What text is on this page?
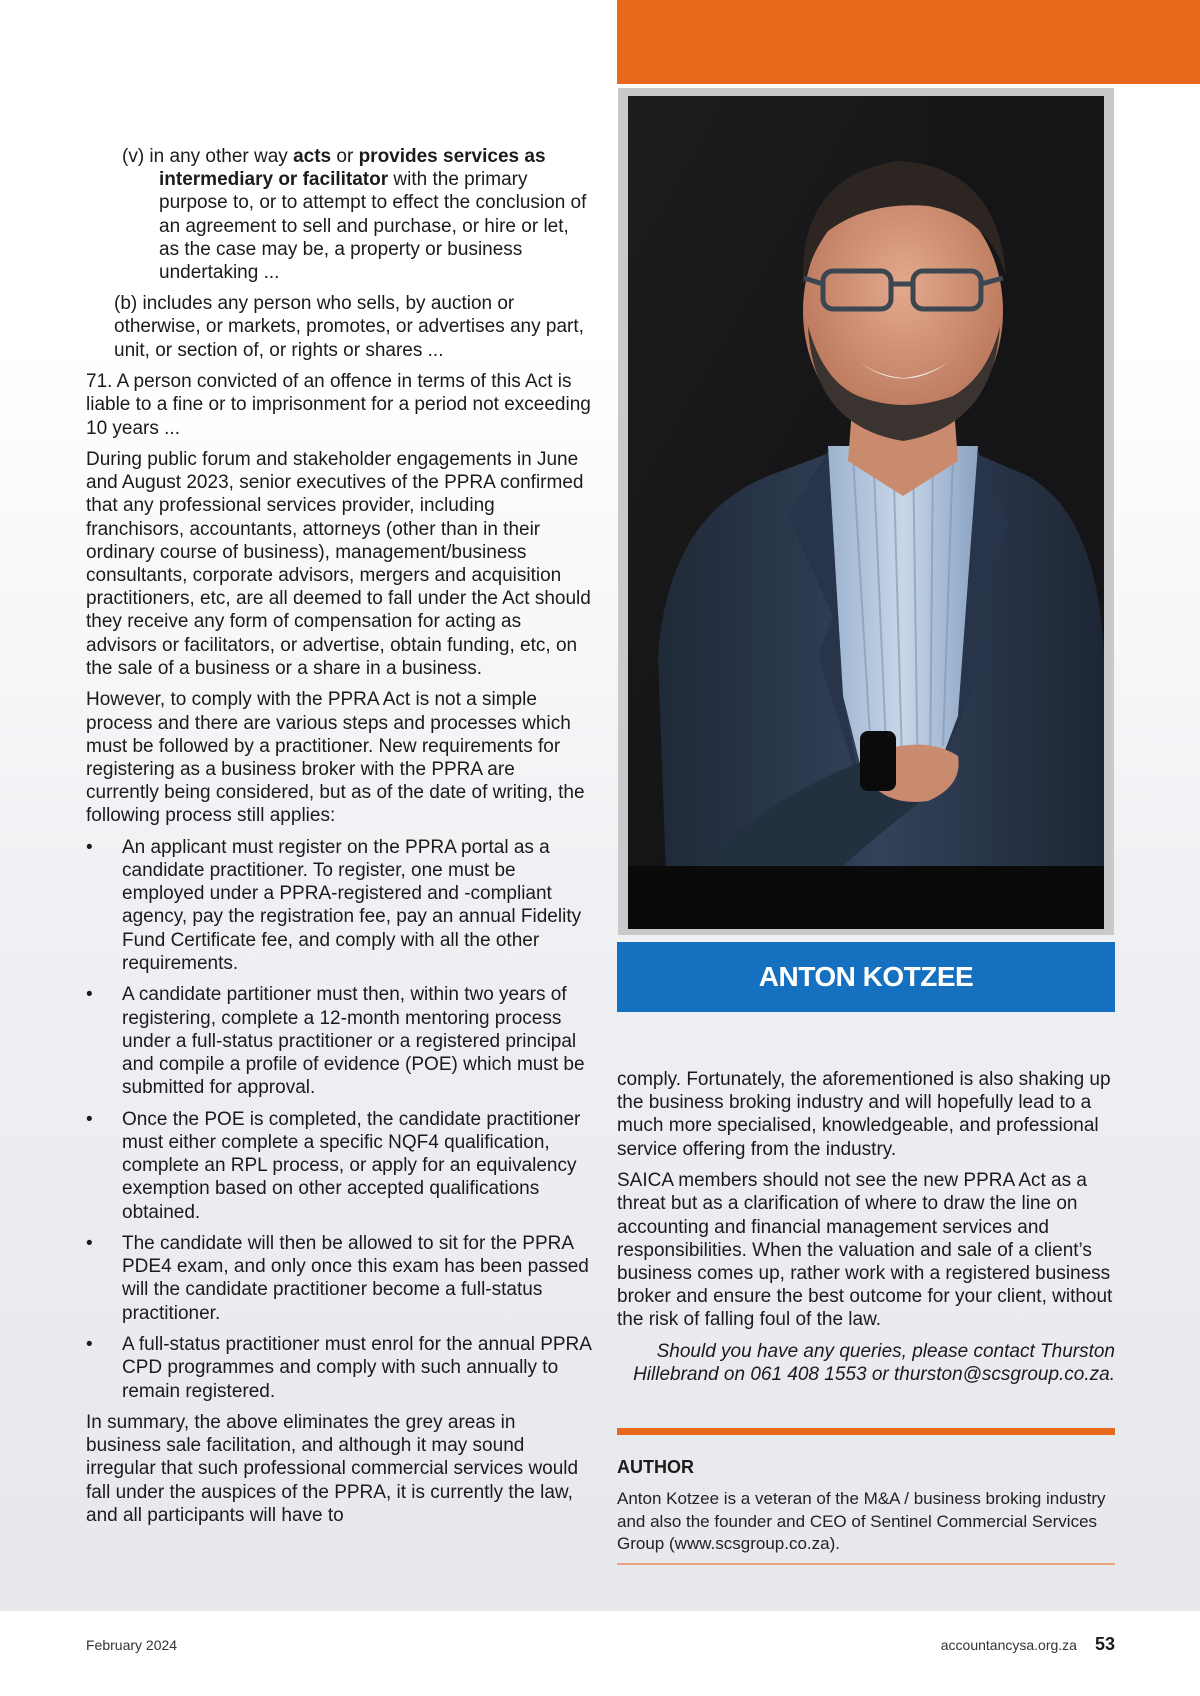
ANTON KOTZEE

(v) in any other way acts or provides services as intermediary or facilitator with the primary purpose to, or to attempt to effect the conclusion of an agreement to sell and purchase, or hire or let, as the case may be, a property or business undertaking ...

(b) includes any person who sells, by auction or otherwise, or markets, promotes, or advertises any part, unit, or section of, or rights or shares ...

71. A person convicted of an offence in terms of this Act is liable to a fine or to imprisonment for a period not exceeding 10 years ...

During public forum and stakeholder engagements in June and August 2023, senior executives of the PPRA confirmed that any professional services provider, including franchisors, accountants, attorneys (other than in their ordinary course of business), management/business consultants, corporate advisors, mergers and acquisition practitioners, etc, are all deemed to fall under the Act should they receive any form of compensation for acting as advisors or facilitators, or advertise, obtain funding, etc, on the sale of a business or a share in a business.

However, to comply with the PPRA Act is not a simple process and there are various steps and processes which must be followed by a practitioner. New requirements for registering as a business broker with the PPRA are currently being considered, but as of the date of writing, the following process still applies:

• An applicant must register on the PPRA portal as a candidate practitioner. To register, one must be employed under a PPRA-registered and -compliant agency, pay the registration fee, pay an annual Fidelity Fund Certificate fee, and comply with all the other requirements.
• A candidate partitioner must then, within two years of registering, complete a 12-month mentoring process under a full-status practitioner or a registered principal and compile a profile of evidence (POE) which must be submitted for approval.
• Once the POE is completed, the candidate practitioner must either complete a specific NQF4 qualification, complete an RPL process, or apply for an equivalency exemption based on other accepted qualifications obtained.
• The candidate will then be allowed to sit for the PPRA PDE4 exam, and only once this exam has been passed will the candidate practitioner become a full-status practitioner.
• A full-status practitioner must enrol for the annual PPRA CPD programmes and comply with such annually to remain registered.

In summary, the above eliminates the grey areas in business sale facilitation, and although it may sound irregular that such professional commercial services would fall under the auspices of the PPRA, it is currently the law, and all participants will have to

comply. Fortunately, the aforementioned is also shaking up the business broking industry and will hopefully lead to a much more specialised, knowledgeable, and professional service offering from the industry.

SAICA members should not see the new PPRA Act as a threat but as a clarification of where to draw the line on accounting and financial management services and responsibilities. When the valuation and sale of a client’s business comes up, rather work with a registered business broker and ensure the best outcome for your client, without the risk of falling foul of the law.

Should you have any queries, please contact Thurston Hillebrand on 061 408 1553 or thurston@scsgroup.co.za.

AUTHOR
Anton Kotzee is a veteran of the M&A / business broking industry and also the founder and CEO of Sentinel Commercial Services Group (www.scsgroup.co.za).
February 2024	accountancysa.org.za 53
